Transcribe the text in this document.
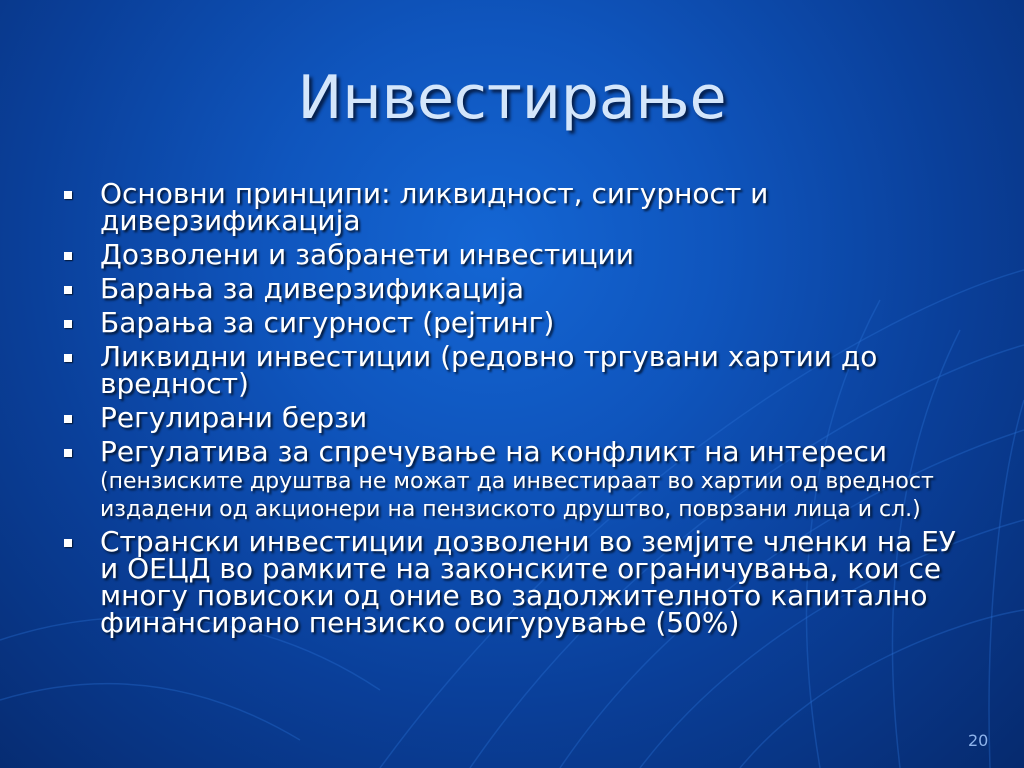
Инвестирање
Основни принципи: ликвидност, сигурност и диверзификација
Дозволени и забранети инвестиции
Барања за диверзификација
Барања за сигурност (рејтинг)
Ликвидни инвестиции (редовно тргувани хартии до вредност)
Регулирани берзи
Регулатива за спречување на конфликт на интереси (пензиските друштва не можат да инвестираат во хартии од вредност издадени од акционери на пензиското друштво, поврзани лица и сл.)
Странски инвестиции дозволени во земјите членки на ЕУ и ОЕЦД во рамките на законските ограничувања, кои се многу повисоки од оние во задолжителното капитално финансирано пензиско осигурување (50%)
20
